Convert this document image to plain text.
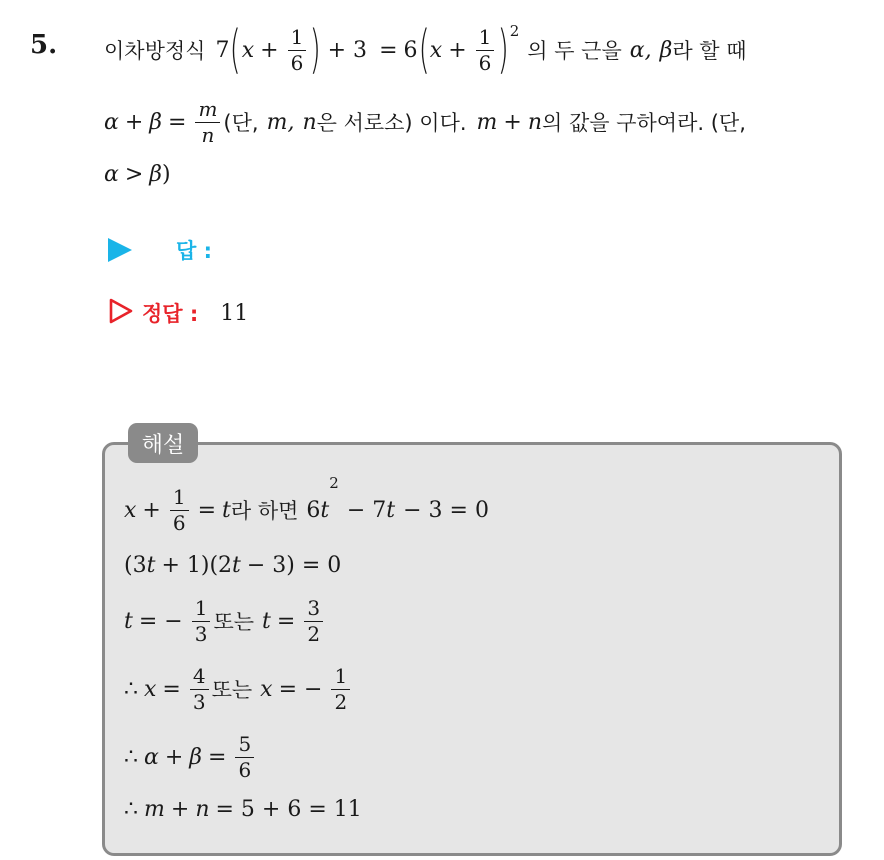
5. 이차방정식 7 ( $x + \frac{1}{6}$ ) + 3 = 6 ( $x + \frac{1}{6}$ ) 2
의 두 근을 α, β 라 할 때
$\alpha + \beta = \frac{m}{n}$ (단, m, n 은 서로소) 이다. m + n 의 값을 구하여라. (단,
α > β )
답 :
정답 : 11
해설
$x + \frac{1}{6} = t$ 라 하면 6 t
2
− 7 t − 3 = 0
(3 t + 1)(2 t − 3) = 0
t = − $\frac{1}{3}$ 또는 $t = \frac{3}{2}$
∴ $x = \frac{4}{3}$ 또는 x = − $\frac{1}{2}$
∴ $\alpha + \beta = \frac{5}{6}$
∴ m + n = 5 + 6 = 11
